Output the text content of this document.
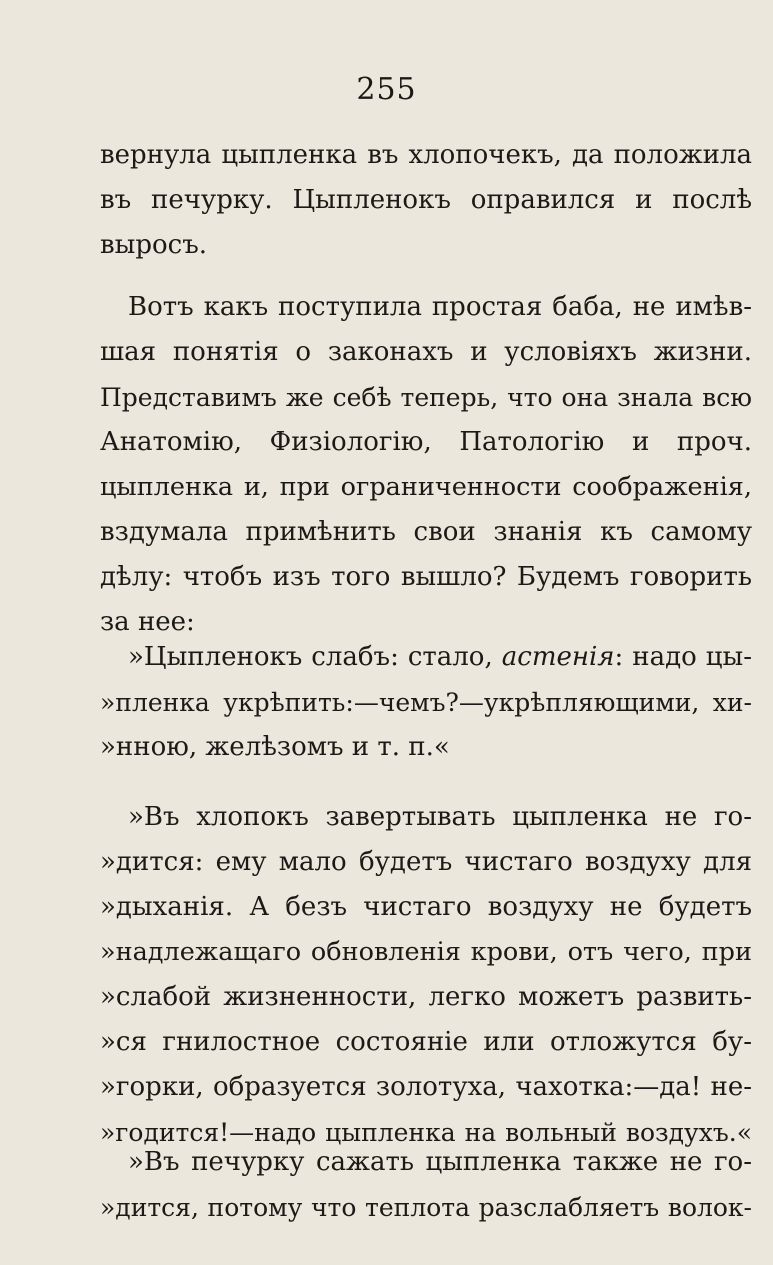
255
вернула цыпленка въ хлопочекъ, да положила
въ печурку. Цыпленокъ оправился и послѣ
выросъ.
Вотъ какъ поступила простая баба, не имѣв-
шая понятія о законахъ и условіяхъ жизни.
Представимъ же себѣ теперь, что она знала всю
Анатомію, Физіологію, Патологію и проч.
цыпленка и, при ограниченности соображенія,
вздумала примѣнить свои знанія къ самому
дѣлу: чтобъ изъ того вышло? Будемъ говорить
за нее:
»Цыпленокъ слабъ: стало, астенія: надо цы-
»пленка укрѣпить:—чемъ?—укрѣпляющими, хи-
»нною, желѣзомъ и т. п.«
»Въ хлопокъ завертывать цыпленка не го-
»дится: ему мало будетъ чистаго воздуху для
»дыханія. А безъ чистаго воздуху не будетъ
»надлежащаго обновленія крови, отъ чего, при
»слабой жизненности, легко можетъ развить-
»ся гнилостное состояніе или отложутся бу-
»горки, образуется золотуха, чахотка:—да! не-
»годится!—надо цыпленка на вольный воздухъ.«
»Въ печурку сажать цыпленка также не го-
»дится, потому что теплота разслабляетъ волок-
